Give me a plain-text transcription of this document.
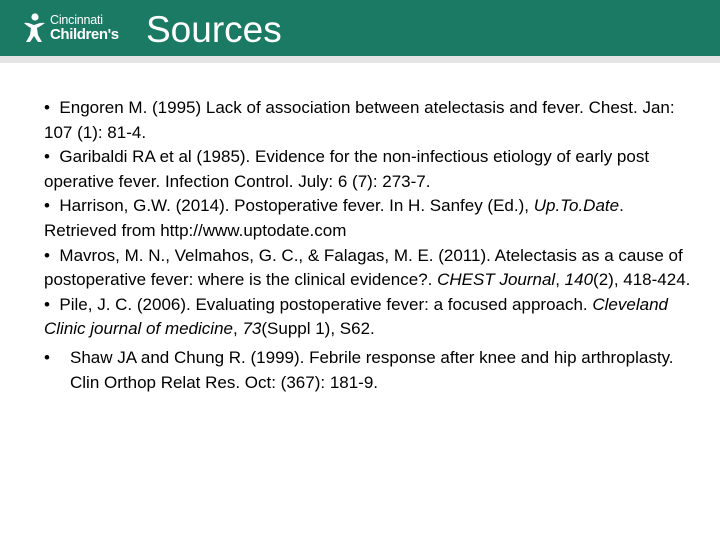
Cincinnati
Children's Sources

• Engoren M. (1995) Lack of association between atelectasis and fever. Chest. Jan: 107 (1): 81-4.

• Garibaldi RA et al (1985). Evidence for the non-infectious etiology of early post operative fever. Infection Control. July: 6 (7): 273-7.

• Harrison, G.W. (2014). Postoperative fever. In H. Sanfey (Ed.), Up.To.Date. Retrieved from http://www.uptodate.com

• Mavros, M. N., Velmahos, G. C., & Falagas, M. E. (2011). Atelectasis as a cause of postoperative fever: where is the clinical evidence?. CHEST Journal, 140(2), 418-424.

• Pile, J. C. (2006). Evaluating postoperative fever: a focused approach. Cleveland Clinic journal of medicine, 73(Suppl 1), S62.

• Shaw JA and Chung R. (1999). Febrile response after knee and hip arthroplasty. Clin Orthop Relat Res. Oct: (367): 181-9.
